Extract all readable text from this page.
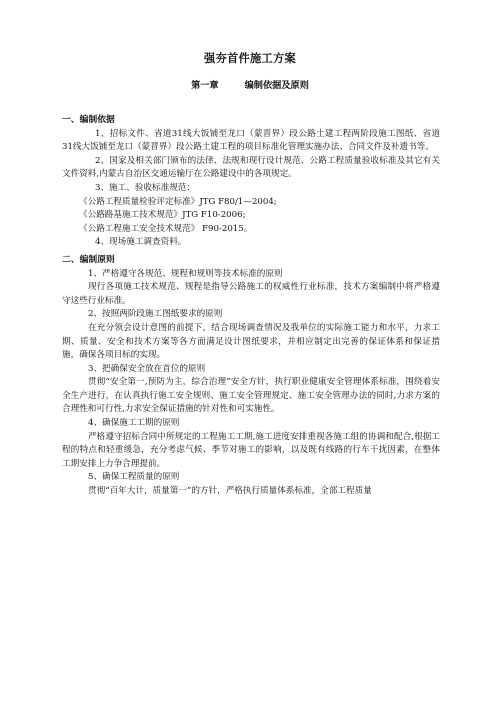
强夯首件施工方案
第一章	编制依据及原则
一、编制依据
1、招标文件、省道31线大饭铺至龙口（蒙晋界）段公路土建工程两阶段施工图纸、省道31线大饭铺至龙口（蒙晋界）段公路土建工程的项目标准化管理实施办法、合同文件及补遗书等。
2、国家及相关部门颁布的法律、法规和现行设计规范、公路工程质量验收标准及其它有关文件资料,内蒙古自治区交通运输厅在公路建设中的各项规定。
3、施工、验收标准规范：
《公路工程质量检验评定标准》JTG F80/1—2004;
《公路路基施工技术规范》JTG F10-2006;
《公路工程施工安全技术规范》 F90-2015。
4、现场施工调查资料。
二、编制原则
1、严格遵守各规范、规程和规则等技术标准的原则
现行各项施工技术规范、规程是指导公路施工的权威性行业标准，技术方案编制中将严格遵守这些行业标准。
2、按照两阶段施工图纸要求的原则
在充分领会设计意图的前提下，结合现场调查情况及我单位的实际施工能力和水平，力求工期、质量、安全和技术方案等各方面满足设计图纸要求，并相应制定出完善的保证体系和保证措施，确保各项目标的实现。
3、把确保安全放在首位的原则
贯彻“安全第一,预防为主，综合治理”安全方针，执行职业健康安全管理体系标准，围绕着安全生产进行，在认真执行施工安全规则、施工安全管理规定、施工安全管理办法的同时,力求方案的合理性和可行性,力求安全保证措施的针对性和可实施性。
4、确保施工工期的原则
严格遵守招标合同中所规定的工程施工工期,施工进度安排重视各施工组的协调和配合,根据工程的特点和轻重缓急，充分考虑气候、季节对施工的影响，以及既有线路的行车干扰因素，在整体工期安排上力争合理提前。
5、确保工程质量的原则
贯彻“百年大计，质量第一”的方针，严格执行质量体系标准，全部工程质量
